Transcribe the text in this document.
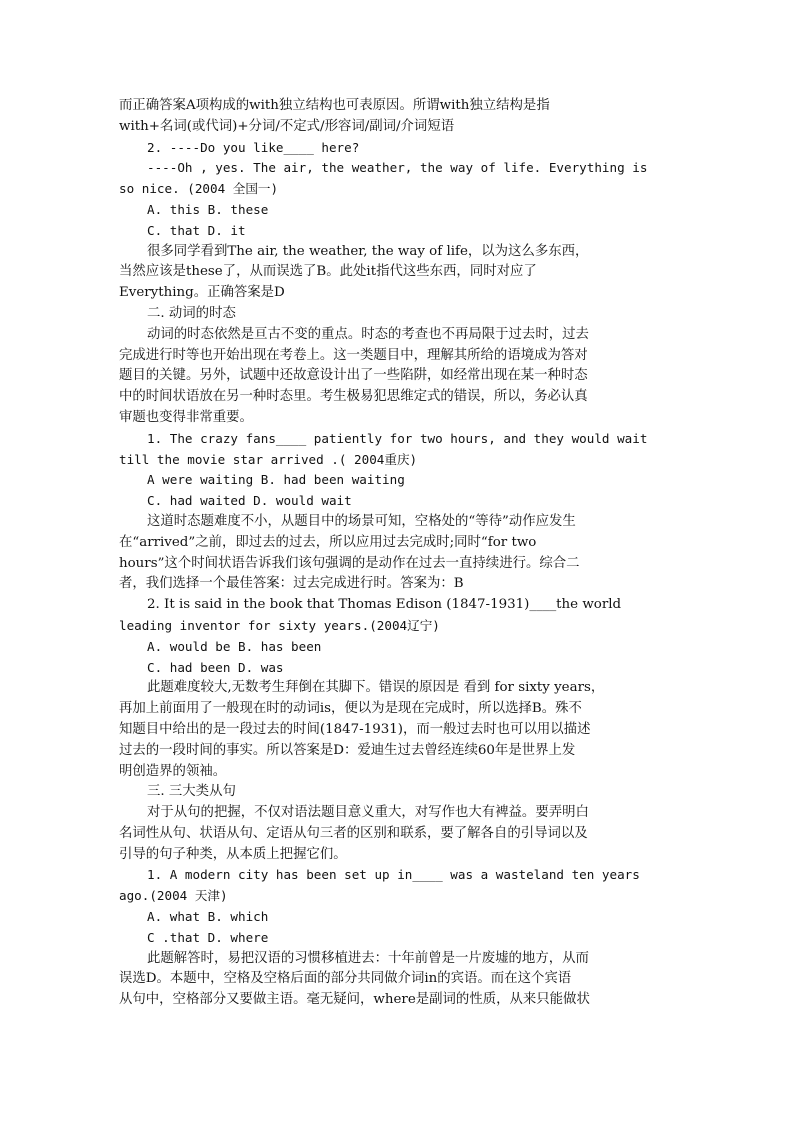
而正确答案A项构成的with独立结构也可表原因。所谓with独立结构是指

with+名词(或代词)+分词/不定式/形容词/副词/介词短语

2. ----Do you like____ here?

----Oh , yes. The air, the weather, the way of life. Everything is

so nice. (2004 全国一)

A. this B. these

C. that D. it

很多同学看到The air, the weather, the way of life，以为这么多东西，

当然应该是these了，从而误选了B。此处it指代这些东西，同时对应了

Everything。正确答案是D

二. 动词的时态

动词的时态依然是亘古不变的重点。时态的考查也不再局限于过去时，过去

完成进行时等也开始出现在考卷上。这一类题目中，理解其所给的语境成为答对

题目的关键。另外，试题中还故意设计出了一些陷阱，如经常出现在某一种时态

中的时间状语放在另一种时态里。考生极易犯思维定式的错误，所以，务必认真

审题也变得非常重要。

1. The crazy fans____ patiently for two hours, and they would wait

till the movie star arrived .( 2004重庆)

A were waiting B. had been waiting

C. had waited D. would wait

这道时态题难度不小，从题目中的场景可知，空格处的“等待”动作应发生

在“arrived”之前，即过去的过去，所以应用过去完成时;同时“for two

hours”这个时间状语告诉我们该句强调的是动作在过去一直持续进行。综合二

者，我们选择一个最佳答案：过去完成进行时。答案为：B

2. It is said in the book that Thomas Edison (1847-1931)____the world

leading inventor for sixty years.(2004辽宁)

A. would be B. has been

C. had been D. was

此题难度较大,无数考生拜倒在其脚下。错误的原因是 看到 for sixty years，

再加上前面用了一般现在时的动词is，便以为是现在完成时，所以选择B。殊不

知题目中给出的是一段过去的时间(1847-1931)，而一般过去时也可以用以描述

过去的一段时间的事实。所以答案是D：爱迪生过去曾经连续60年是世界上发

明创造界的领袖。

三. 三大类从句

对于从句的把握，不仅对语法题目意义重大，对写作也大有裨益。要弄明白

名词性从句、状语从句、定语从句三者的区别和联系，要了解各自的引导词以及

引导的句子种类，从本质上把握它们。

1. A modern city has been set up in____ was a wasteland ten years

ago.(2004 天津)

A. what B. which

C .that D. where

此题解答时，易把汉语的习惯移植进去：十年前曾是一片废墟的地方，从而

误选D。本题中，空格及空格后面的部分共同做介词in的宾语。而在这个宾语

从句中，空格部分又要做主语。毫无疑问，where是副词的性质，从来只能做状
